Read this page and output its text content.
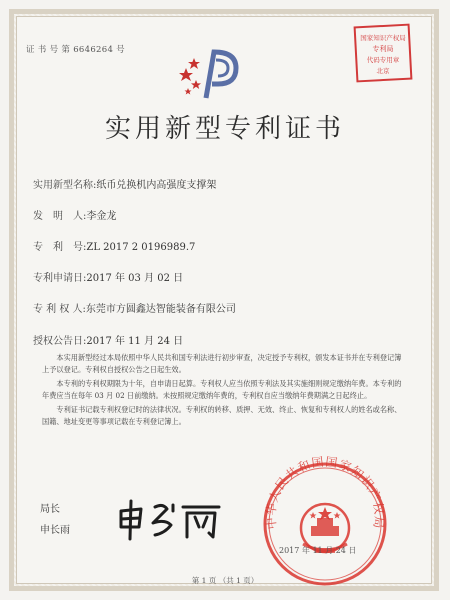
证 书 号 第 6646264 号
国家知识产权局
专利局
代码专用章
北京
实用新型专利证书
实用新型名称:纸币兑换机内高强度支撑架
发　明　人:李金龙
专　利　号:ZL 2017 2 0196989.7
专利申请日:2017 年 03 月 02 日
专 利 权 人:东莞市方圆鑫达智能装备有限公司
授权公告日:2017 年 11 月 24 日

本实用新型经过本局依照中华人民共和国专利法进行初步审查，决定授予专利权，颁发本证书并在专利登记簿上予以登记。专利权自授权公告之日起生效。

本专利的专利权期限为十年，自申请日起算。专利权人应当依照专利法及其实施细则规定缴纳年费。本专利的年费应当在每年 03 月 02 日前缴纳。未按照规定缴纳年费的，专利权自应当缴纳年费期满之日起终止。

专利证书记载专利权登记时的法律状况。专利权的转移、质押、无效、终止、恢复和专利权人的姓名或名称、国籍、地址变更等事项记载在专利登记簿上。

中华人民共和国国家知识产权局
局长
申长雨
2017 年 11 月 24 日
第 1 页 （共 1 页）
